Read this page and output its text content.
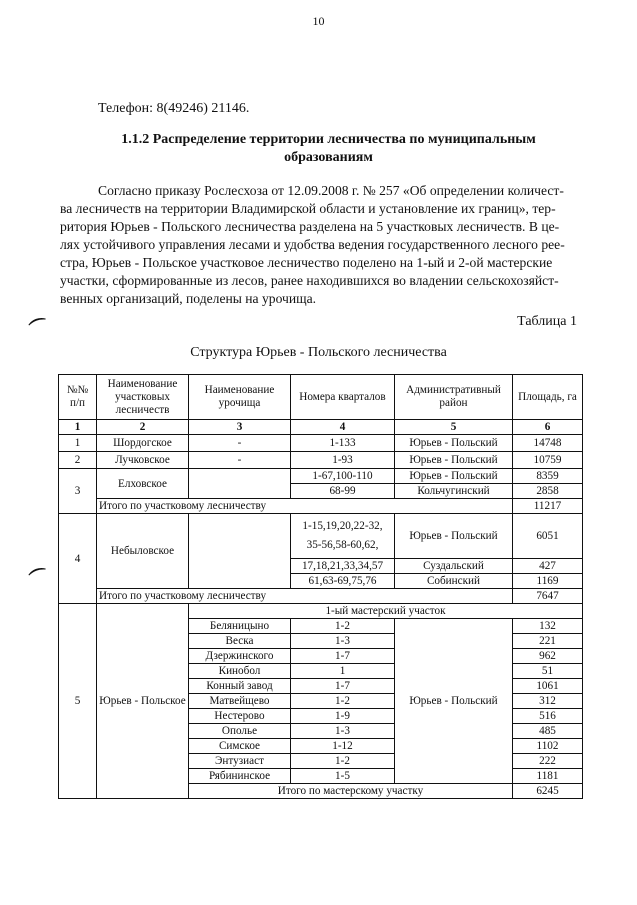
10
Телефон: 8(49246) 21146.
1.1.2 Распределение территории лесничества по муниципальным
образованиям
Согласно приказу Рослесхоза от 12.09.2008 г. № 257 «Об определении количест-
ва лесничеств на территории Владимирской области и установление их границ», тер-
ритория Юрьев - Польского лесничества разделена на 5 участковых лесничеств. В це-
лях устойчивого управления лесами и удобства ведения государственного лесного рее-
стра, Юрьев - Польское участковое лесничество поделено на 1-ый и 2-ой мастерские
участки, сформированные из лесов, ранее находившихся во владении сельскохозяйст-
венных организаций, поделены на урочища.
Таблица 1
Структура Юрьев - Польского лесничества
⌒
⌒
№№ п/п	Наименование участковых лесничеств	Наименование урочища	Номера кварталов	Административный район	Площадь, га
1	2	3	4	5	6
1	Шордогское	-	1-133	Юрьев - Польский	14748
2	Лучковское	-	1-93	Юрьев - Польский	10759
3	Елховское		1-67,100-110	Юрьев - Польский	8359
			68-99	Кольчугинский	2858
	Итого по участковому лесничеству				11217
4	Небыловское		1-15,19,20,22-32,
35-56,58-60,62,	Юрьев - Польский	6051
			17,18,21,33,34,57	Суздальский	427
			61,63-69,75,76	Собинский	1169
	Итого по участковому лесничеству				7647
5	Юрьев - Польское	1-ый мастерский участок			
		Беляницыно	1-2	Юрьев - Польский	132
		Веска	1-3		221
		Дзержинского	1-7		962
		Кинобол	1		51
		Конный завод	1-7		1061
		Матвейщево	1-2		312
		Нестерово	1-9		516
		Ополье	1-3		485
		Симское	1-12		1102
		Энтузиаст	1-2		222
		Рябининское	1-5		1181
		Итого по мастерскому участку			6245
